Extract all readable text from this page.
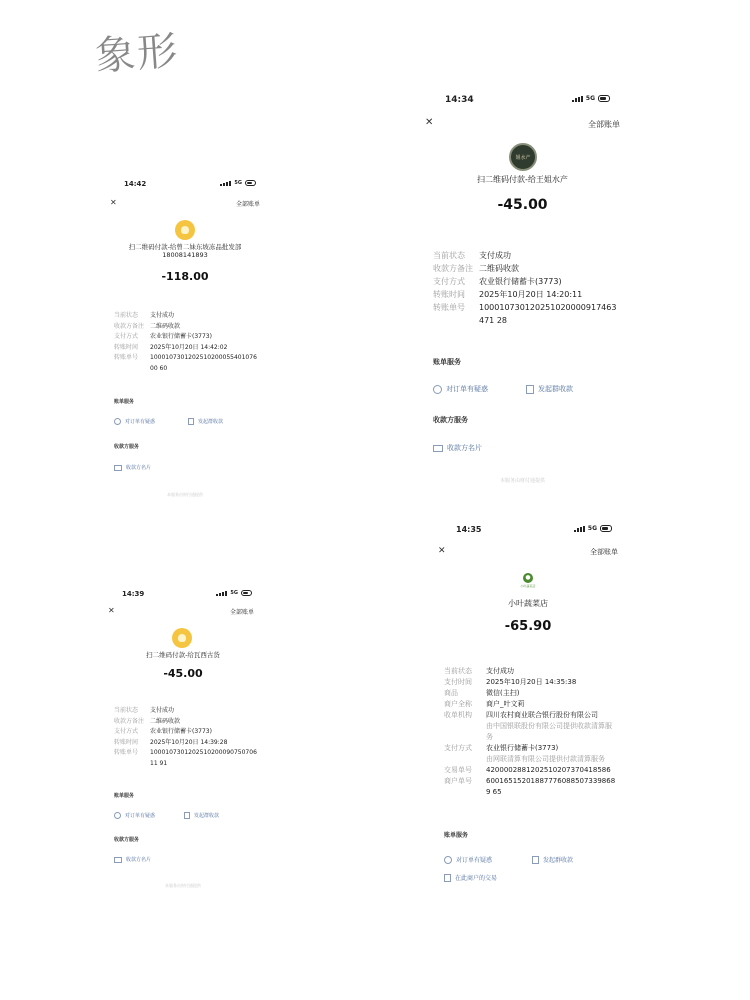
象形
14:42	5G
✕	全部账单
扫二维码付款-给曾二妹东坡冻品批发部
18008141893
-118.00
当前状态	支付成功
收款方备注 二维码收款
支付方式	农业银行储蓄卡(3773)
转账时间	2025年10月20日 14:42:02
转账单号	100010730120251020005540107600 60
账单服务
对订单有疑惑	发起群收款
收款方服务
收款方名片
本服务由财付通提供
14:34	5G
✕	全部账单
姐水产
扫二维码付款-给王姐水产
-45.00
当前状态	支付成功
收款方备注 二维码收款
支付方式	农业银行储蓄卡(3773)
转账时间	2025年10月20日 14:20:11
转账单号	100010730120251020000917463471 28
账单服务
对订单有疑惑	发起群收款
收款方服务
收款方名片
本服务由财付通提供
14:39	5G
✕	全部账单
扫二维码付款-给瓦西古货
-45.00
当前状态	支付成功
收款方备注 二维码收款
支付方式	农业银行储蓄卡(3773)
转账时间	2025年10月20日 14:39:28
转账单号	100010730120251020009075070611 91
账单服务
对订单有疑惑	发起群收款
收款方服务
收款方名片
本服务由财付通提供
14:35	5G
✕	全部账单
●
小叶蔬菜店
小叶蔬菜店
-65.90
当前状态	支付成功
支付时间	2025年10月20日 14:35:38
商品	微信(主扫)
商户全称	商户_叶文莉
收单机构	四川农村商业联合银行股份有限公司
由中国银联股份有限公司提供收款清算服务
支付方式	农业银行储蓄卡(3773)
由网联清算有限公司提供付款清算服务
交易单号	4200002881202510207370418586
商户单号	600165152018877760885073398689 65
账单服务
对订单有疑惑	发起群收款
在此商户的交易
